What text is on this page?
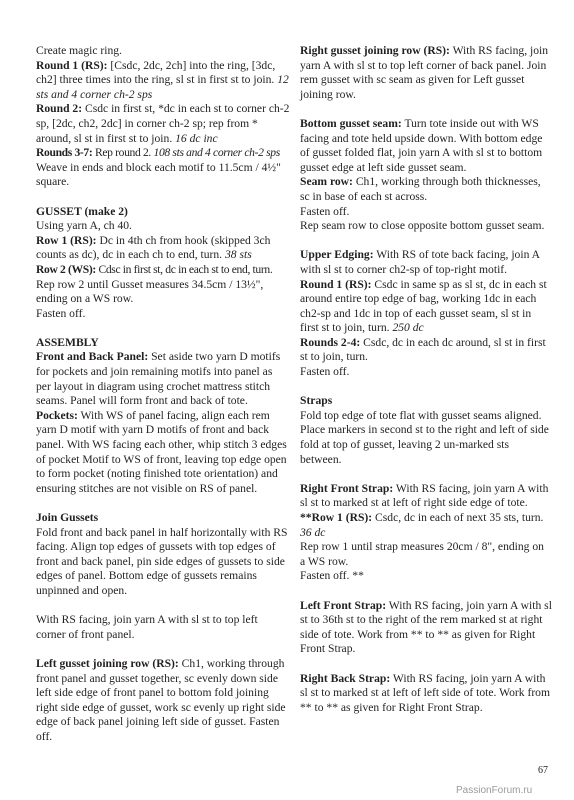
Create magic ring.

Round 1 (RS): [Csdc, 2dc, 2ch] into the ring, [3dc, ch2] three times into the ring, sl st in first st to join. 12 sts and 4 corner ch-2 sps

Round 2: Csdc in first st, *dc in each st to corner ch-2 sp, [2dc, ch2, 2dc] in corner ch-2 sp; rep from * around, sl st in first st to join. 16 dc inc

Rounds 3-7: Rep round 2. 108 sts and 4 corner ch-2 sps

Weave in ends and block each motif to 11.5cm / 4½" square.

GUSSET (make 2)

Using yarn A, ch 40.

Row 1 (RS): Dc in 4th ch from hook (skipped 3ch counts as dc), dc in each ch to end, turn. 38 sts

Row 2 (WS): Cdsc in first st, dc in each st to end, turn.

Rep row 2 until Gusset measures 34.5cm / 13½", ending on a WS row.

Fasten off.

ASSEMBLY

Front and Back Panel: Set aside two yarn D motifs for pockets and join remaining motifs into panel as per layout in diagram using crochet mattress stitch seams. Panel will form front and back of tote.

Pockets: With WS of panel facing, align each rem yarn D motif with yarn D motifs of front and back panel. With WS facing each other, whip stitch 3 edges of pocket Motif to WS of front, leaving top edge open to form pocket (noting finished tote orientation) and ensuring stitches are not visible on RS of panel.

Join Gussets

Fold front and back panel in half horizontally with RS facing. Align top edges of gussets with top edges of front and back panel, pin side edges of gussets to side edges of panel. Bottom edge of gussets remains unpinned and open.

With RS facing, join yarn A with sl st to top left corner of front panel.

Left gusset joining row (RS): Ch1, working through front panel and gusset together, sc evenly down side left side edge of front panel to bottom fold joining right side edge of gusset, work sc evenly up right side edge of back panel joining left side of gusset. Fasten off.

Right gusset joining row (RS): With RS facing, join yarn A with sl st to top left corner of back panel. Join rem gusset with sc seam as given for Left gusset joining row.

Bottom gusset seam: Turn tote inside out with WS facing and tote held upside down. With bottom edge of gusset folded flat, join yarn A with sl st to bottom gusset edge at left side gusset seam.

Seam row: Ch1, working through both thicknesses, sc in base of each st across.

Fasten off.

Rep seam row to close opposite bottom gusset seam.

Upper Edging: With RS of tote back facing, join A with sl st to corner ch2-sp of top-right motif.

Round 1 (RS): Csdc in same sp as sl st, dc in each st around entire top edge of bag, working 1dc in each ch2-sp and 1dc in top of each gusset seam, sl st in first st to join, turn. 250 dc

Rounds 2-4: Csdc, dc in each dc around, sl st in first st to join, turn.

Fasten off.

Straps

Fold top edge of tote flat with gusset seams aligned. Place markers in second st to the right and left of side fold at top of gusset, leaving 2 un-marked sts between.

Right Front Strap: With RS facing, join yarn A with sl st to marked st at left of right side edge of tote.

**Row 1 (RS): Csdc, dc in each of next 35 sts, turn. 36 dc

Rep row 1 until strap measures 20cm / 8", ending on a WS row.

Fasten off. **

Left Front Strap: With RS facing, join yarn A with sl st to 36th st to the right of the rem marked st at right side of tote. Work from ** to ** as given for Right Front Strap.

Right Back Strap: With RS facing, join yarn A with sl st to marked st at left of left side of tote. Work from ** to ** as given for Right Front Strap.

67
PassionForum.ru
